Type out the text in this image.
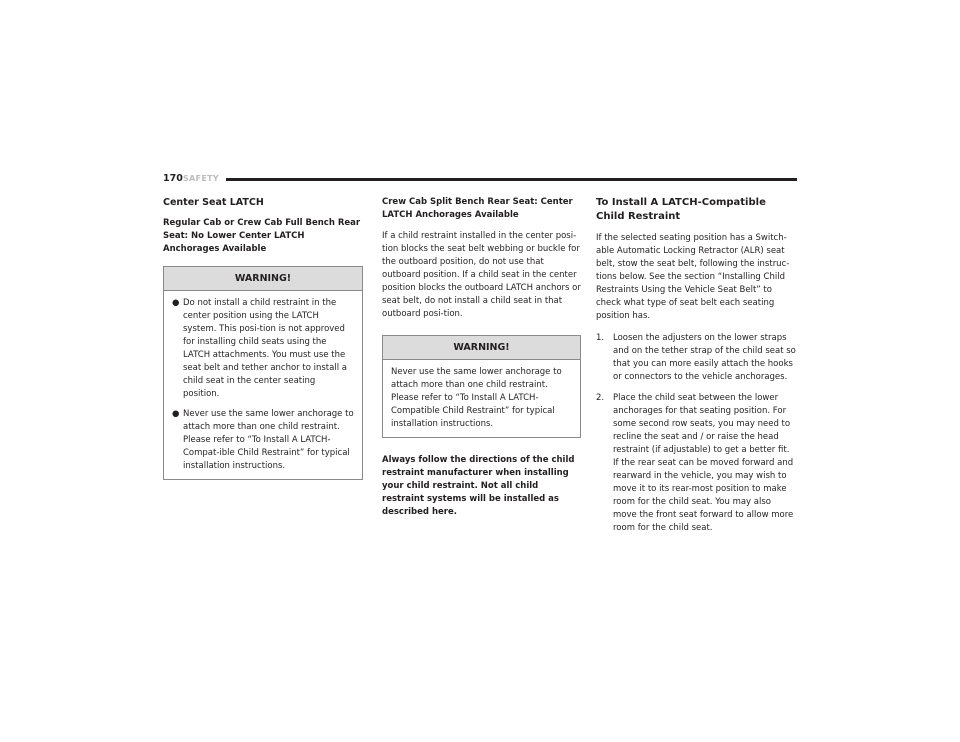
170 SAFETY
Center Seat LATCH
Regular Cab or Crew Cab Full Bench Rear Seat: No Lower Center LATCH Anchorages Available
WARNING!
● Do not install a child restraint in the center position using the LATCH system. This posi-tion is not approved for installing child seats using the LATCH attachments. You must use the seat belt and tether anchor to install a child seat in the center seating position.

● Never use the same lower anchorage to attach more than one child restraint. Please refer to “To Install A LATCH-Compat-ible Child Restraint” for typical installation instructions.

Crew Cab Split Bench Rear Seat: Center LATCH Anchorages Available

If a child restraint installed in the center posi-tion blocks the seat belt webbing or buckle for the outboard position, do not use that outboard position. If a child seat in the center position blocks the outboard LATCH anchors or seat belt, do not install a child seat in that outboard posi-tion.

WARNING!

Never use the same lower anchorage to attach more than one child restraint. Please refer to “To Install A LATCH-Compatible Child Restraint” for typical installation instructions.

Always follow the directions of the child restraint manufacturer when installing your child restraint. Not all child restraint systems will be installed as described here.
To Install A LATCH-Compatible Child Restraint

If the selected seating position has a Switch-able Automatic Locking Retractor (ALR) seat belt, stow the seat belt, following the instruc-tions below. See the section “Installing Child Restraints Using the Vehicle Seat Belt” to check what type of seat belt each seating position has.

1.	Loosen the adjusters on the lower straps and on the tether strap of the child seat so that you can more easily attach the hooks or connectors to the vehicle anchorages.

2.	Place the child seat between the lower anchorages for that seating position. For some second row seats, you may need to recline the seat and / or raise the head restraint (if adjustable) to get a better fit. If the rear seat can be moved forward and rearward in the vehicle, you may wish to move it to its rear-most position to make room for the child seat. You may also move the front seat forward to allow more room for the child seat.
